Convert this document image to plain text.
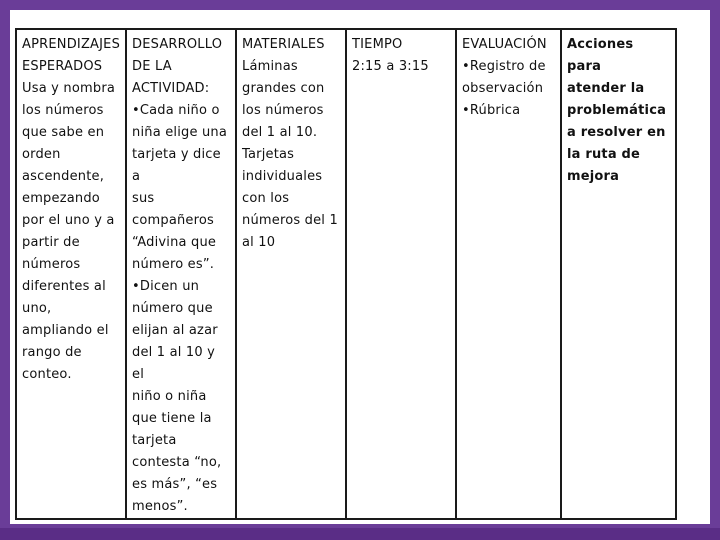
APRENDIZAJES
ESPERADOS
Usa y nombra
los números
que sabe en
orden
ascendente,
empezando
por el uno y a
partir de
números
diferentes al
uno,
ampliando el
rango de
conteo.

DESARROLLO
DE LA
ACTIVIDAD:
•Cada niño o
niña elige una
tarjeta y dice a
sus
compañeros
“Adivina que
número es”.
•Dicen un
número que
elijan al azar
del 1 al 10 y el
niño o niña
que tiene la
tarjeta
contesta “no,
es más”, “es
menos”.

MATERIALES
Láminas
grandes con
los números
del 1 al 10.
Tarjetas
individuales
con los
números del 1
al 10

TIEMPO
2:15 a 3:15

EVALUACIÓN
•Registro de
observación
•Rúbrica

Acciones para
atender la
problemática
a resolver en
la ruta de
mejora
